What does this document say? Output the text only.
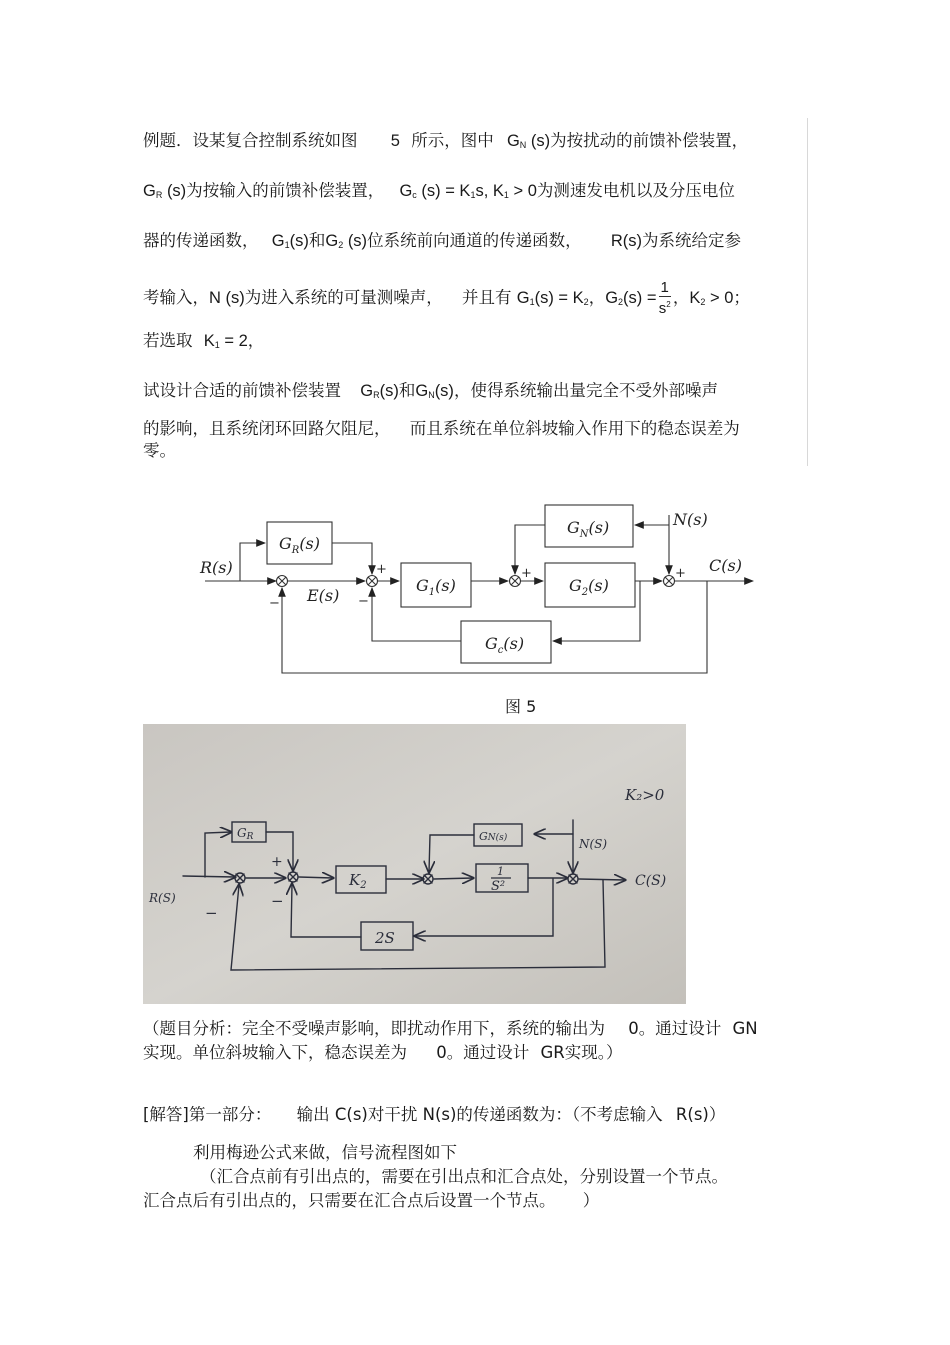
例题．设某复合控制系统如图 5 所示，图中 $G_N$ (s)为按扰动的前馈补偿装置，
$G_R$ (s)为按输入的前馈补偿装置， $G_c$ $(s) = K_1s$, $K_1 > 0$为测速发电机以及分压电位
器的传递函数， $G_1(s)$和$G_2$ (s)位系统前向通道的传递函数， R(s)为系统给定参
考输入，N (s)为进入系统的可量测噪声， 并且有 $G_1(s) = K_2$，$G_2(s) = \frac{1}{s^2}$ ，$K_2 > 0$；
若选取 $K_1 = 2$，
试设计合适的前馈补偿装置 $G_R(s)$和$G_N(s)$，使得系统输出量完全不受外部噪声
的影响，且系统闭环回路欠阻尼， 而且系统在单位斜坡输入作用下的稳态误差为
零。
R(s)
E(s)
N(s)
C(s)
$G_R(s)$
$G_1(s)$	$G_2(s)$
$G_N(s)$
$G_c(s)$
+
−	−
+	+
图 5
K₂>0
GR	GN(s)	N(S)
R(S)
$K_2$
1
S²	C(S)
2S
+
−
−
（题目分析：完全不受噪声影响，即扰动作用下，系统的输出为 0。通过设计 GN
实现。单位斜坡输入下，稳态误差为 0。通过设计 GR实现。）
[解答]第一部分： 输出 C(s)对干扰 N(s)的传递函数为：（不考虑输入 R(s)）
利用梅逊公式来做，信号流程图如下
（汇合点前有引出点的，需要在引出点和汇合点处，分别设置一个节点。
汇合点后有引出点的，只需要在汇合点后设置一个节点。 ）
